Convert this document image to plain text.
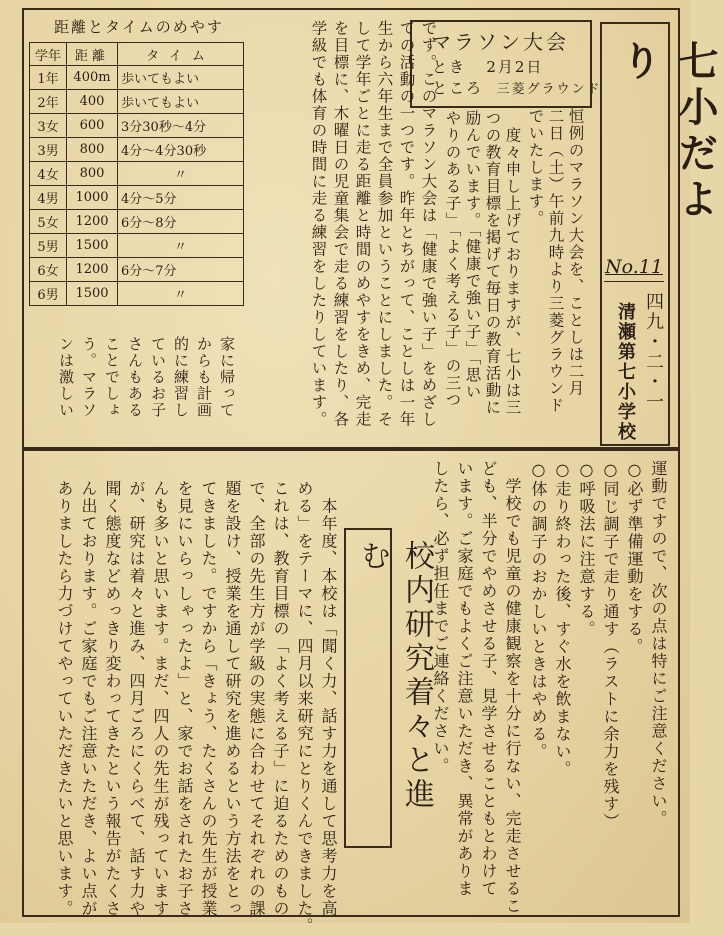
七小だより
No.11
四九・二・一
清瀬第七小学校
マラソン大会
とき 2月2日
ところ 三菱グラウンド
恒例のマラソン大会を、ことしは二月
二日（土）午前九時より三菱グラウンド
でいたします。
　度々申し上げておりますが、七小は三
つの教育目標を掲げて毎日の教育活動に
励んでいます。「健康で強い子」「思い
やりのある子」「よく考える子」の三つ
です。このマラソン大会は「健康で強い子」をめざし
ての活動の一つです。昨年とちがって、ことしは一年
生から六年生まで全員参加ということにしました。そ
して学年ごとに走る距離と時間のめやすをきめ、完走
を目標に、木曜日の児童集会で走る練習をしたり、各
学級でも体育の時間に走る練習をしたりしています。
家に帰って
からも計画
的に練習し
ているお子
さんもある
ことでしょ
う。マラソ
ンは激しい
距離とタイムのめやす
学年	距離	タイム
1年	400m	歩いてもよい
2年	400	歩いてもよい
3女	600	3分30秒～4分
3男	800	4分～4分30秒
4女	800	〃
4男	1000	4分～5分
5女	1200	6分～8分
5男	1500	〃
6女	1200	6分～7分
6男	1500	〃
運動ですので、次の点は特にご注意ください。
○必ず準備運動をする。
○同じ調子で走り通す（ラストに余力を残す）
○呼吸法に注意する。
○走り終わった後、すぐ水を飲まない。
○体の調子のおかしいときはやめる。
　学校でも児童の健康観察を十分に行ない、完走させるこ
ども、半分でやめさせる子、見学させることもとわけて
います。ご家庭でもよくご注意いただき、異常がありま
したら、必ず担任までご連絡ください。
校内研究着々と進む
　本年度、本校は「聞く力、話す力を通して思考力を高
める」をテーマに、四月以来研究にとりくんできました。
これは、教育目標の「よく考える子」に迫るためのもの
で、全部の先生方が学級の実態に合わせてそれぞれの課
題を設け、授業を通して研究を進めるという方法をとっ
てきました。ですから「きょう、たくさんの先生が授業
を見にいらっしゃったよ」と、家でお話をされたお子さ
んも多いと思います。まだ、四人の先生が残っています
が、研究は着々と進み、四月ごろにくらべて、話す力や
聞く態度などめっきり変わってきたという報告がたくさ
ん出ております。ご家庭でもご注意いただき、よい点が
ありましたら力づけてやっていただきたいと思います。
